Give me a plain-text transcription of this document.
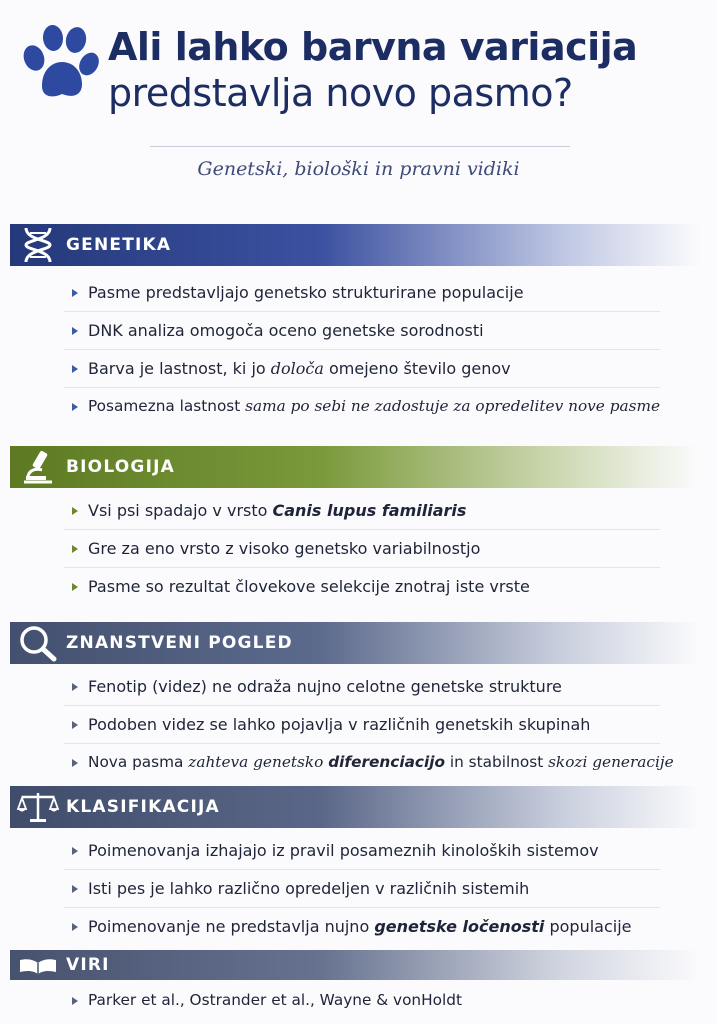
Ali lahko barvna variacija
predstavlja novo pasmo?
Genetski, biološki in pravni vidiki
GENETIKA
Pasme predstavljajo genetsko strukturirane populacije
DNK analiza omogoča oceno genetske sorodnosti
Barva je lastnost, ki jo določa omejeno število genov
Posamezna lastnost sama po sebi ne zadostuje za opredelitev nove pasme
BIOLOGIJA
Vsi psi spadajo v vrsto Canis lupus familiaris
Gre za eno vrsto z visoko genetsko variabilnostjo
Pasme so rezultat človekove selekcije znotraj iste vrste
ZNANSTVENI POGLED
Fenotip (videz) ne odraža nujno celotne genetske strukture
Podoben videz se lahko pojavlja v različnih genetskih skupinah
Nova pasma zahteva genetsko diferenciacijo in stabilnost skozi generacije
KLASIFIKACIJA
Poimenovanja izhajajo iz pravil posameznih kinoloških sistemov
Isti pes je lahko različno opredeljen v različnih sistemih
Poimenovanje ne predstavlja nujno genetske ločenosti populacije
VIRI
Parker et al., Ostrander et al., Wayne & vonHoldt
